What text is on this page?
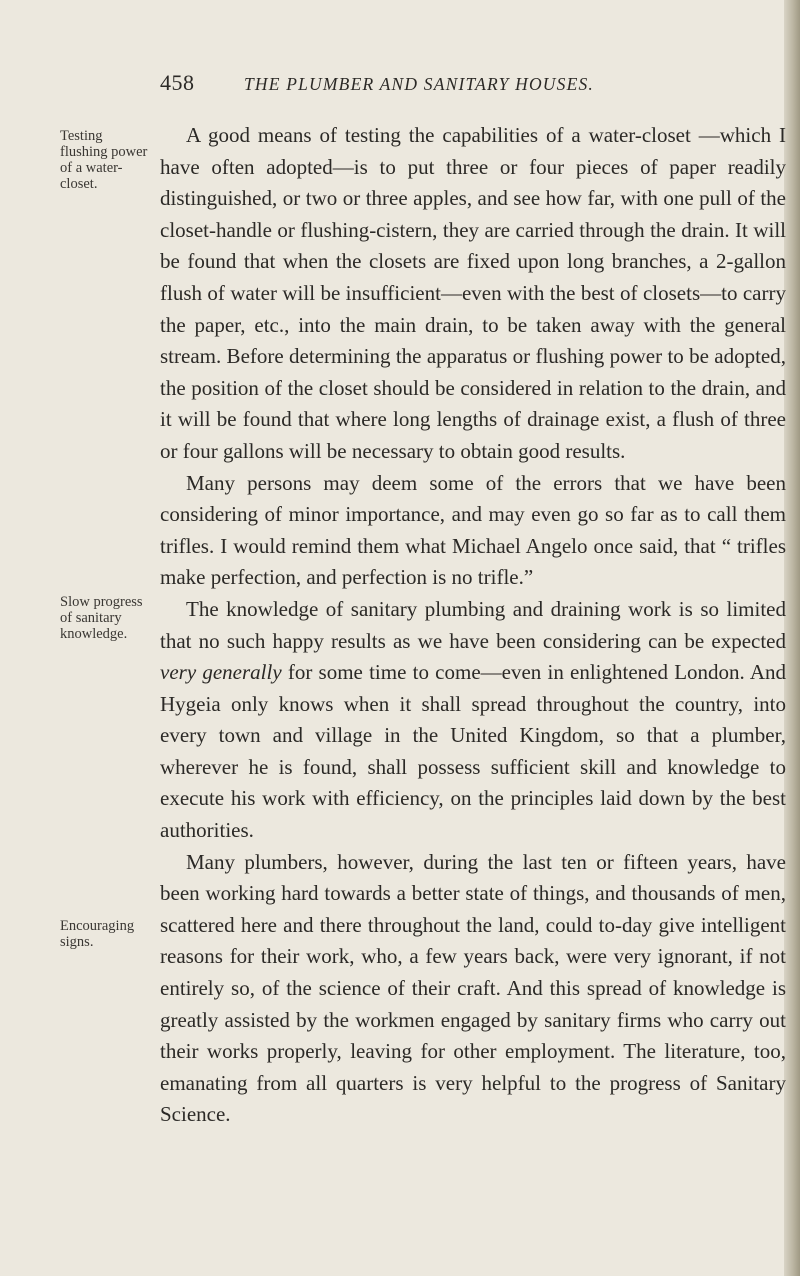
458	THE PLUMBER AND SANITARY HOUSES.
Testing flushing power of a water-closet.
Slow progress of sanitary knowledge.
Encouraging signs.

A good means of testing the capabilities of a water-closet —which I have often adopted—is to put three or four pieces of paper readily distinguished, or two or three apples, and see how far, with one pull of the closet-handle or flushing-cistern, they are carried through the drain. It will be found that when the closets are fixed upon long branches, a 2-gallon flush of water will be insufficient—even with the best of closets—to carry the paper, etc., into the main drain, to be taken away with the general stream. Before determining the apparatus or flushing power to be adopted, the position of the closet should be considered in relation to the drain, and it will be found that where long lengths of drainage exist, a flush of three or four gallons will be necessary to obtain good results.

Many persons may deem some of the errors that we have been considering of minor importance, and may even go so far as to call them trifles. I would remind them what Michael Angelo once said, that “ trifles make perfection, and perfection is no trifle.”

The knowledge of sanitary plumbing and draining work is so limited that no such happy results as we have been considering can be expected very generally for some time to come—even in enlightened London. And Hygeia only knows when it shall spread throughout the country, into every town and village in the United Kingdom, so that a plumber, wherever he is found, shall possess sufficient skill and knowledge to execute his work with efficiency, on the principles laid down by the best authorities.

Many plumbers, however, during the last ten or fifteen years, have been working hard towards a better state of things, and thousands of men, scattered here and there throughout the land, could to-day give intelligent reasons for their work, who, a few years back, were very ignorant, if not entirely so, of the science of their craft. And this spread of knowledge is greatly assisted by the workmen engaged by sanitary firms who carry out their works properly, leaving for other employment. The literature, too, emanating from all quarters is very helpful to the progress of Sanitary Science.
